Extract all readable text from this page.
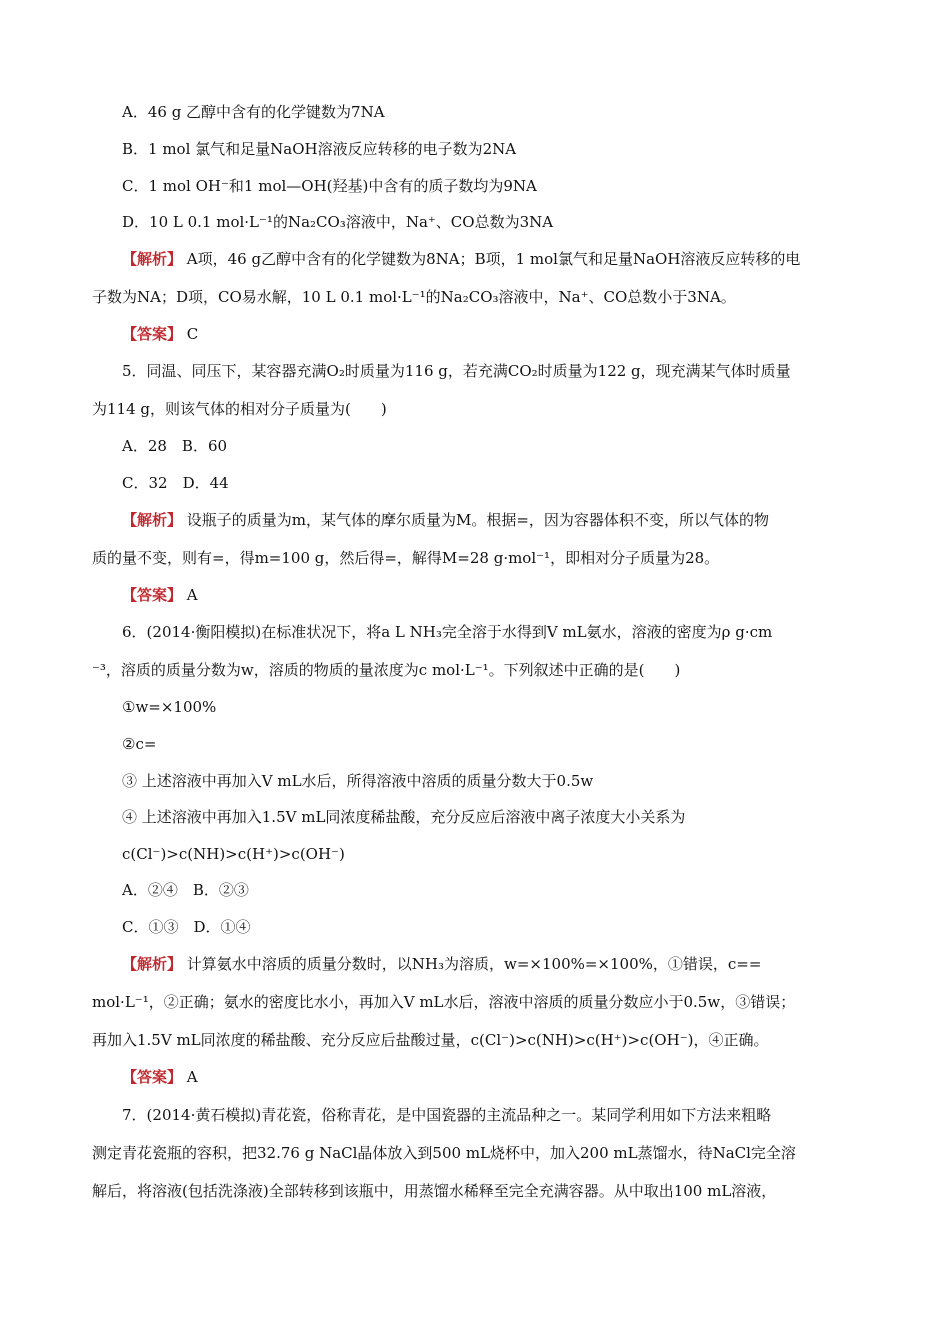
A．46 g 乙醇中含有的化学键数为7NA
B．1 mol 氯气和足量NaOH溶液反应转移的电子数为2NA
C．1 mol OH⁻和1 mol—OH(羟基)中含有的质子数均为9NA
D．10 L 0.1 mol·L⁻¹的Na₂CO₃溶液中，Na⁺、CO总数为3NA
【解析】 A项，46 g乙醇中含有的化学键数为8NA；B项，1 mol氯气和足量NaOH溶液反应转移的电
子数为NA；D项，CO易水解，10 L 0.1 mol·L⁻¹的Na₂CO₃溶液中，Na⁺、CO总数小于3NA。
【答案】 C
5．同温、同压下，某容器充满O₂时质量为116 g，若充满CO₂时质量为122 g，现充满某气体时质量
为114 g，则该气体的相对分子质量为(　　)
A．28　B．60
C．32　D．44
【解析】 设瓶子的质量为m，某气体的摩尔质量为M。根据=，因为容器体积不变，所以气体的物
质的量不变，则有=，得m=100 g，然后得=，解得M=28 g·mol⁻¹，即相对分子质量为28。
【答案】 A
6．(2014·衡阳模拟)在标准状况下，将a L NH₃完全溶于水得到V mL氨水，溶液的密度为ρ g·cm
⁻³，溶质的质量分数为w，溶质的物质的量浓度为c mol·L⁻¹。下列叙述中正确的是(　　)
①w=×100%
②c=
③ 上述溶液中再加入V mL水后，所得溶液中溶质的质量分数大于0.5w
④ 上述溶液中再加入1.5V mL同浓度稀盐酸，充分反应后溶液中离子浓度大小关系为
c(Cl⁻)>c(NH)>c(H⁺)>c(OH⁻)
A．②④　B．②③
C．①③　D．①④
【解析】 计算氨水中溶质的质量分数时，以NH₃为溶质，w=×100%=×100%，①错误，c==
mol·L⁻¹，②正确；氨水的密度比水小，再加入V mL水后，溶液中溶质的质量分数应小于0.5w，③错误；
再加入1.5V mL同浓度的稀盐酸、充分反应后盐酸过量，c(Cl⁻)>c(NH)>c(H⁺)>c(OH⁻)，④正确。
【答案】 A
7．(2014·黄石模拟)青花瓷，俗称青花，是中国瓷器的主流品种之一。某同学利用如下方法来粗略
测定青花瓷瓶的容积，把32.76 g NaCl晶体放入到500 mL烧杯中，加入200 mL蒸馏水，待NaCl完全溶
解后，将溶液(包括洗涤液)全部转移到该瓶中，用蒸馏水稀释至完全充满容器。从中取出100 mL溶液，
